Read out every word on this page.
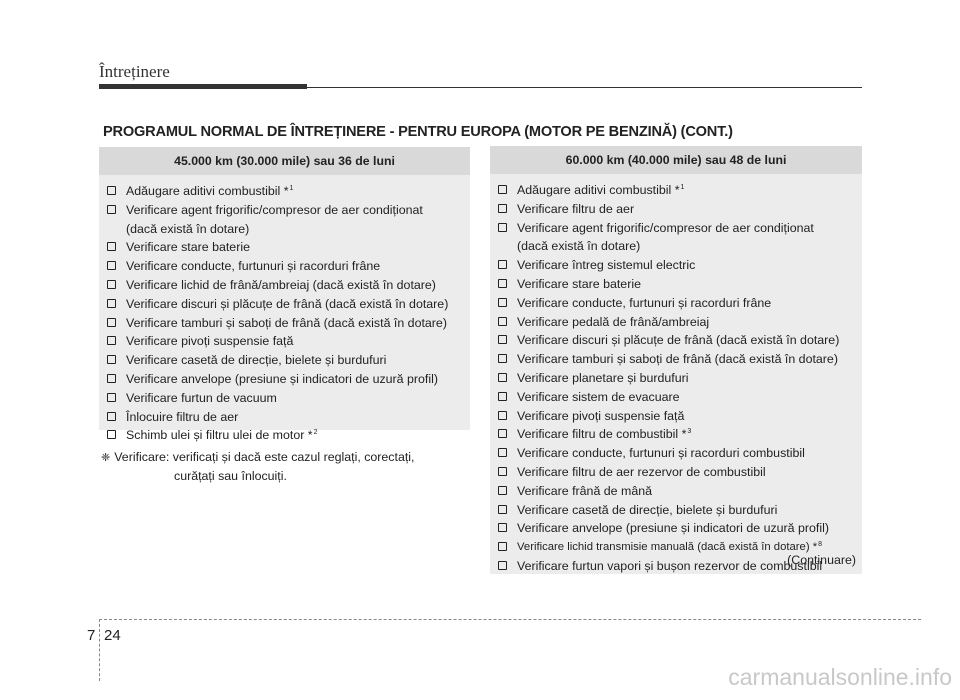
Întreținere
PROGRAMUL NORMAL DE ÎNTREȚINERE - PENTRU EUROPA (MOTOR PE BENZINĂ) (CONT.)
45.000 km (30.000 mile) sau 36 de luni
Adăugare aditivi combustibil *$^1$
Verificare agent frigorific/compresor de aer condiționat
(dacă există în dotare)
Verificare stare baterie
Verificare conducte, furtunuri și racorduri frâne
Verificare lichid de frână/ambreiaj (dacă există în dotare)
Verificare discuri și plăcuțe de frână (dacă există în dotare)
Verificare tamburi și saboți de frână (dacă există în dotare)
Verificare pivoți suspensie față
Verificare casetă de direcție, bielete și burdufuri
Verificare anvelope (presiune și indicatori de uzură profil)
Verificare furtun de vacuum
Înlocuire filtru de aer
Schimb ulei și filtru ulei de motor *$^2$
❈ Verificare: verificați și dacă este cazul reglați, corectați,
curățați sau înlocuiți.
60.000 km (40.000 mile) sau 48 de luni
Adăugare aditivi combustibil *$^1$
Verificare filtru de aer
Verificare agent frigorific/compresor de aer condiționat
(dacă există în dotare)
Verificare întreg sistemul electric
Verificare stare baterie
Verificare conducte, furtunuri și racorduri frâne
Verificare pedală de frână/ambreiaj
Verificare discuri și plăcuțe de frână (dacă există în dotare)
Verificare tamburi și saboți de frână (dacă există în dotare)
Verificare planetare și burdufuri
Verificare sistem de evacuare
Verificare pivoți suspensie față
Verificare filtru de combustibil *$^3$
Verificare conducte, furtunuri și racorduri combustibil
Verificare filtru de aer rezervor de combustibil
Verificare frână de mână
Verificare casetă de direcție, bielete și burdufuri
Verificare anvelope (presiune și indicatori de uzură profil)
Verificare lichid transmisie manuală (dacă există în dotare) *$^8$
Verificare furtun vapori și bușon rezervor de combustibil
(Continuare)
7 24
carmanualsonline.info
